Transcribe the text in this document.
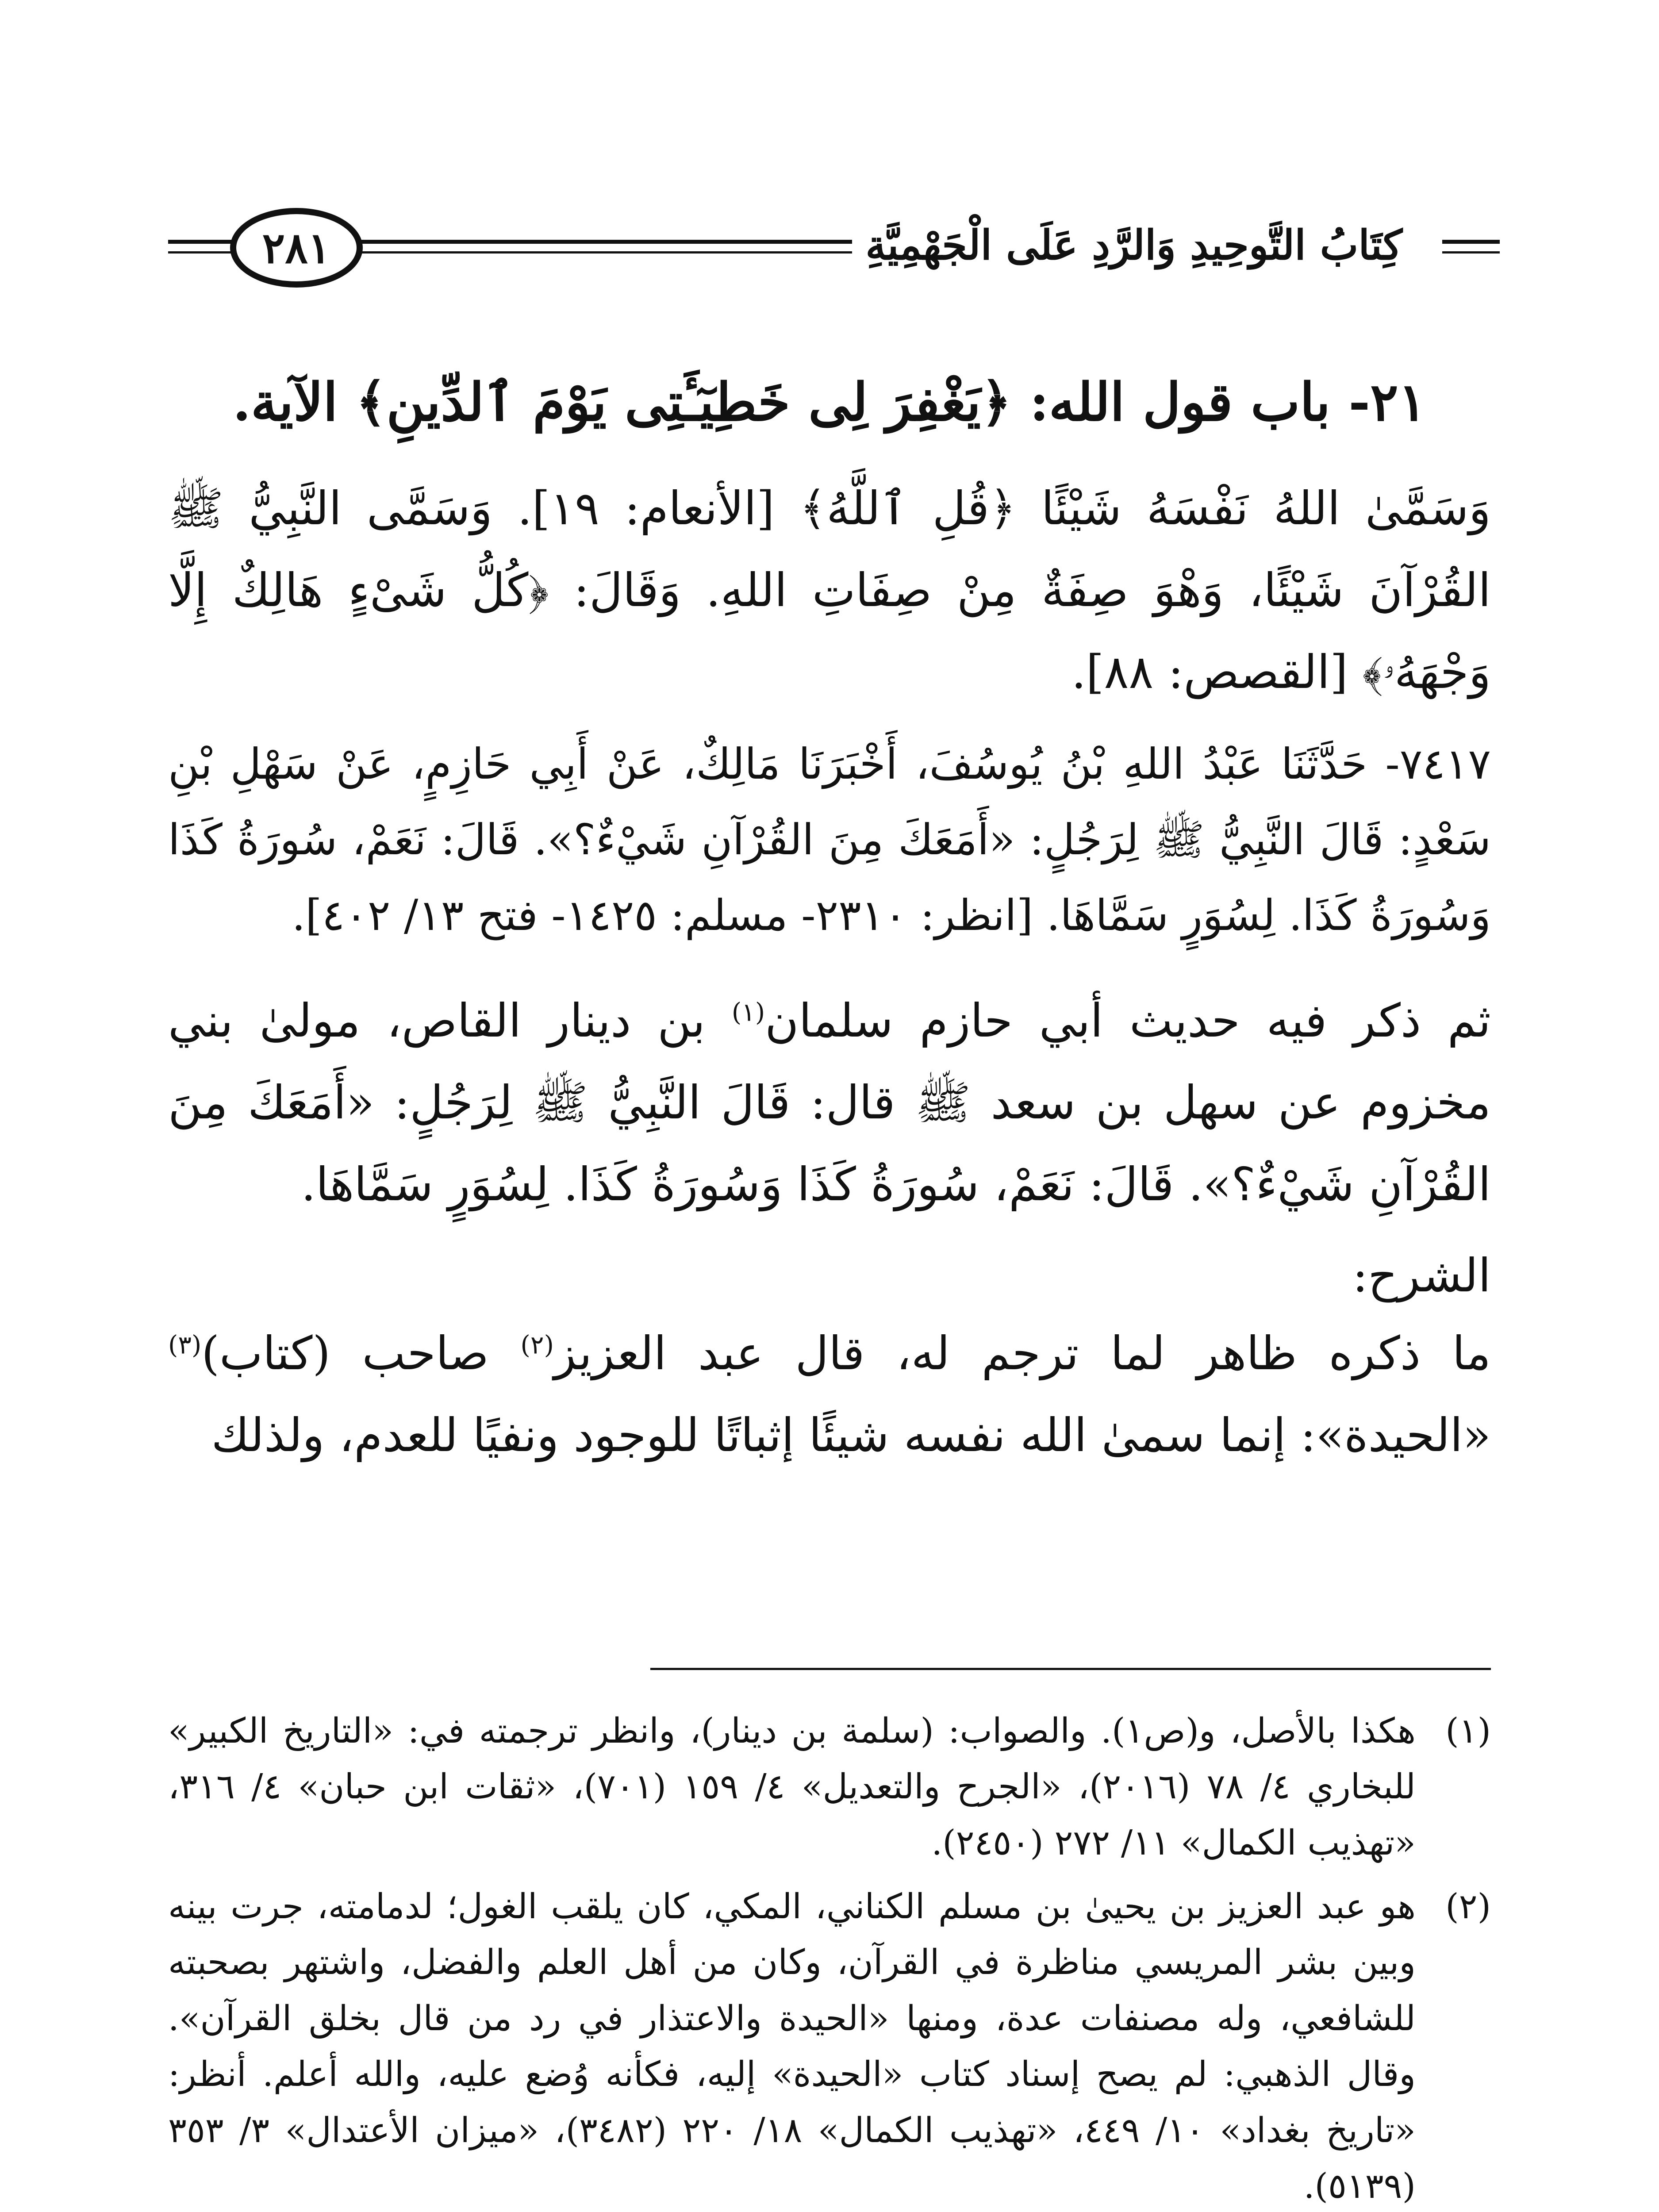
كِتَابُ التَّوحِيدِ وَالرَّدِ عَلَى الْجَهْمِيَّةِ
٢٨١
٢١- باب قول الله: ﴿يَغْفِرَ لِى خَطِيٓـَٔتِى يَوْمَ ٱلدِّينِ﴾ الآية.

وَسَمَّىٰ اللهُ نَفْسَهُ شَيْئًا ﴿قُلِ ٱللَّهُ﴾ [الأنعام: ١٩]. وَسَمَّى النَّبِيُّ ﷺ القُرْآنَ شَيْئًا، وَهْوَ صِفَةٌ مِنْ صِفَاتِ اللهِ. وَقَالَ: ﴿كُلُّ شَىْءٍ هَالِكٌ إِلَّا وَجْهَهُۥ﴾ [القصص: ٨٨].

٧٤١٧- حَدَّثَنَا عَبْدُ اللهِ بْنُ يُوسُفَ، أَخْبَرَنَا مَالِكٌ، عَنْ أَبِي حَازِمٍ، عَنْ سَهْلِ بْنِ سَعْدٍ: قَالَ النَّبِيُّ ﷺ لِرَجُلٍ: «أَمَعَكَ مِنَ القُرْآنِ شَيْءٌ؟». قَالَ: نَعَمْ، سُورَةُ كَذَا وَسُورَةُ كَذَا. لِسُوَرٍ سَمَّاهَا. [انظر: ٢٣١٠- مسلم: ١٤٢٥- فتح ١٣/ ٤٠٢].

ثم ذكر فيه حديث أبي حازم سلمان$^{(١)}$ بن دينار القاص، مولىٰ بني مخزوم عن سهل بن سعد ﷺ قال: قَالَ النَّبِيُّ ﷺ لِرَجُلٍ: «أَمَعَكَ مِنَ القُرْآنِ شَيْءٌ؟». قَالَ: نَعَمْ، سُورَةُ كَذَا وَسُورَةُ كَذَا. لِسُوَرٍ سَمَّاهَا.

الشرح:

ما ذكره ظاهر لما ترجم له، قال عبد العزيز$^{(٢)}$ صاحب (كتاب)$^{(٣)}$ «الحيدة»: إنما سمىٰ الله نفسه شيئًا إثباتًا للوجود ونفيًا للعدم، ولذلك

(١)
هكذا بالأصل، و(ص١). والصواب: (سلمة بن دينار)، وانظر ترجمته في: «التاريخ الكبير» للبخاري ٤/ ٧٨ (٢٠١٦)، «الجرح والتعديل» ٤/ ١٥٩ (٧٠١)، «ثقات ابن حبان» ٤/ ٣١٦، «تهذيب الكمال» ١١/ ٢٧٢ (٢٤٥٠).
(٢)
هو عبد العزيز بن يحيىٰ بن مسلم الكناني، المكي، كان يلقب الغول؛ لدمامته، جرت بينه وبين بشر المريسي مناظرة في القرآن، وكان من أهل العلم والفضل، واشتهر بصحبته للشافعي، وله مصنفات عدة، ومنها «الحيدة والاعتذار في رد من قال بخلق القرآن». وقال الذهبي: لم يصح إسناد كتاب «الحيدة» إليه، فكأنه وُضع عليه، والله أعلم. أنظر: «تاريخ بغداد» ١٠/ ٤٤٩، «تهذيب الكمال» ١٨/ ٢٢٠ (٣٤٨٢)، «ميزان الأعتدال» ٣/ ٣٥٣ (٥١٣٩).
